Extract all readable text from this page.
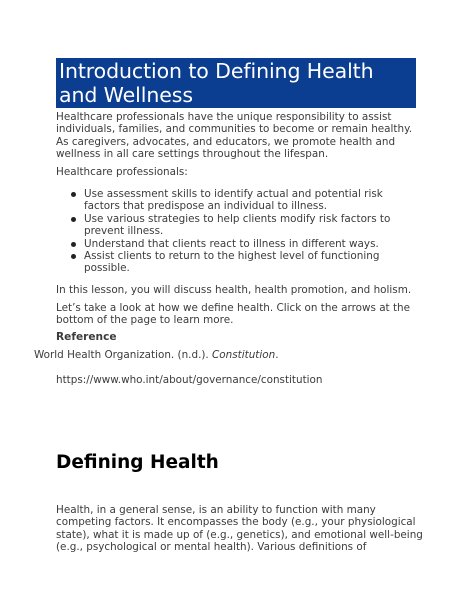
Introduction to Defining Health and Wellness

Healthcare professionals have the unique responsibility to assist individuals, families, and communities to become or remain healthy. As caregivers, advocates, and educators, we promote health and wellness in all care settings throughout the lifespan.

Healthcare professionals:

Use assessment skills to identify actual and potential risk factors that predispose an individual to illness.
Use various strategies to help clients modify risk factors to prevent illness.
Understand that clients react to illness in different ways.
Assist clients to return to the highest level of functioning possible.

In this lesson, you will discuss health, health promotion, and holism.

Let’s take a look at how we define health. Click on the arrows at the bottom of the page to learn more.

Reference
World Health Organization. (n.d.). Constitution.
https://www.who.int/about/governance/constitution
Defining Health

Health, in a general sense, is an ability to function with many competing factors. It encompasses the body (e.g., your physiological state), what it is made up of (e.g., genetics), and emotional well-being (e.g., psychological or mental health). Various definitions of
